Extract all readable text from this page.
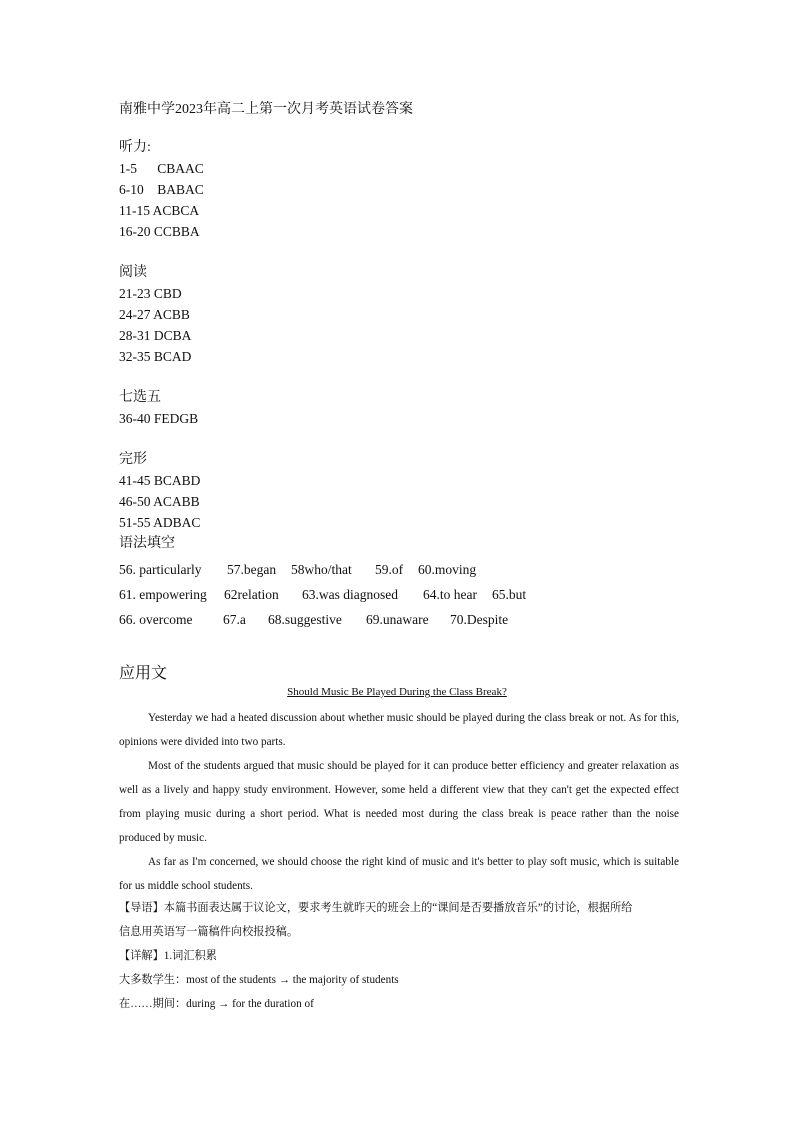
南雅中学2023年高二上第一次月考英语试卷答案
听力:
1-5      CBAAC
6-10    BABAC
11-15 ACBCA
16-20 CCBBA
阅读
21-23 CBD
24-27 ACBB
28-31 DCBA
32-35 BCAD
七选五
36-40 FEDGB
完形
41-45 BCABD
46-50 ACABB
51-55 ADBAC
语法填空
56. particularly 57.began 58who/that 59.of 60.moving
61. empowering 62relation 63.was diagnosed 64.to hear 65.but
66. overcome 67.a 68.suggestive 69.unaware 70.Despite
应用文
Should Music Be Played During the Class Break?

Yesterday we had a heated discussion about whether music should be played during the class break or not. As for this, opinions were divided into two parts.

Most of the students argued that music should be played for it can produce better efficiency and greater relaxation as well as a lively and happy study environment. However, some held a different view that they can't get the expected effect from playing music during a short period. What is needed most during the class break is peace rather than the noise produced by music.

As far as I'm concerned, we should choose the right kind of music and it's better to play soft music, which is suitable for us middle school students.

【导语】本篇书面表达属于议论文，要求考生就昨天的班会上的“课间是否要播放音乐”的讨论，根据所给
信息用英语写一篇稿件向校报投稿。
【详解】1.词汇积累
大多数学生：most of the students → the majority of students
在……期间：during → for the duration of
